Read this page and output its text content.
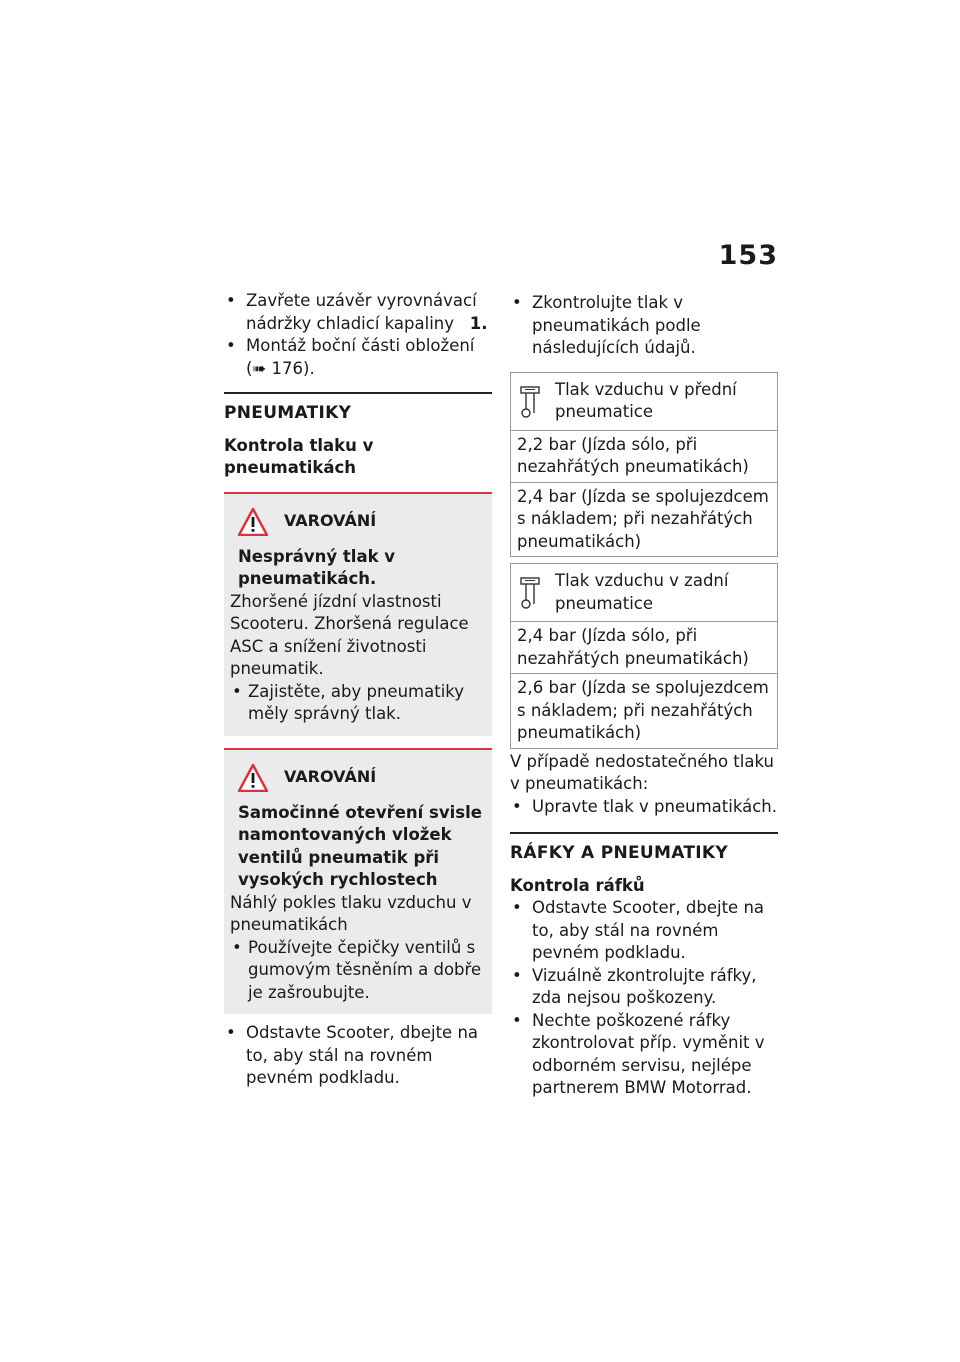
153
• Zavřete uzávěr vyrovnávací nádržky chladicí kapaliny 1.
• Montáž boční části obložení
(➠ 176).
PNEUMATIKY
Kontrola tlaku v pneumatikách
VAROVÁNÍ
Nesprávný tlak v pneumatikách.
Zhoršené jízdní vlastnosti Scooteru. Zhoršená regulace ASC a snížení životnosti pneumatik.
• Zajistěte, aby pneumatiky měly správný tlak.
VAROVÁNÍ
Samočinné otevření svisle namontovaných vložek ventilů pneumatik při vysokých rychlostech
Náhlý pokles tlaku vzduchu v pneumatikách
• Používejte čepičky ventilů s gumovým těsněním a dobře je zašroubujte.
• Odstavte Scooter, dbejte na to, aby stál na rovném pevném podkladu.
• Zkontrolujte tlak v pneumatikách podle následujících údajů.
Tlak vzduchu v přední pneumatice

2,2 bar (Jízda sólo, při nezahřátých pneumatikách)
2,4 bar (Jízda se spolujezdcem s nákladem; při nezahřátých pneumatikách)
Tlak vzduchu v zadní pneumatice

2,4 bar (Jízda sólo, při nezahřátých pneumatikách)
2,6 bar (Jízda se spolujezdcem s nákladem; při nezahřátých pneumatikách)
V případě nedostatečného tlaku v pneumatikách:
• Upravte tlak v pneumatikách.
RÁFKY A PNEUMATIKY
Kontrola ráfků
• Odstavte Scooter, dbejte na to, aby stál na rovném pevném podkladu.
• Vizuálně zkontrolujte ráfky, zda nejsou poškozeny.
• Nechte poškozené ráfky zkontrolovat příp. vyměnit v odborném servisu, nejlépe partnerem BMW Motorrad.
